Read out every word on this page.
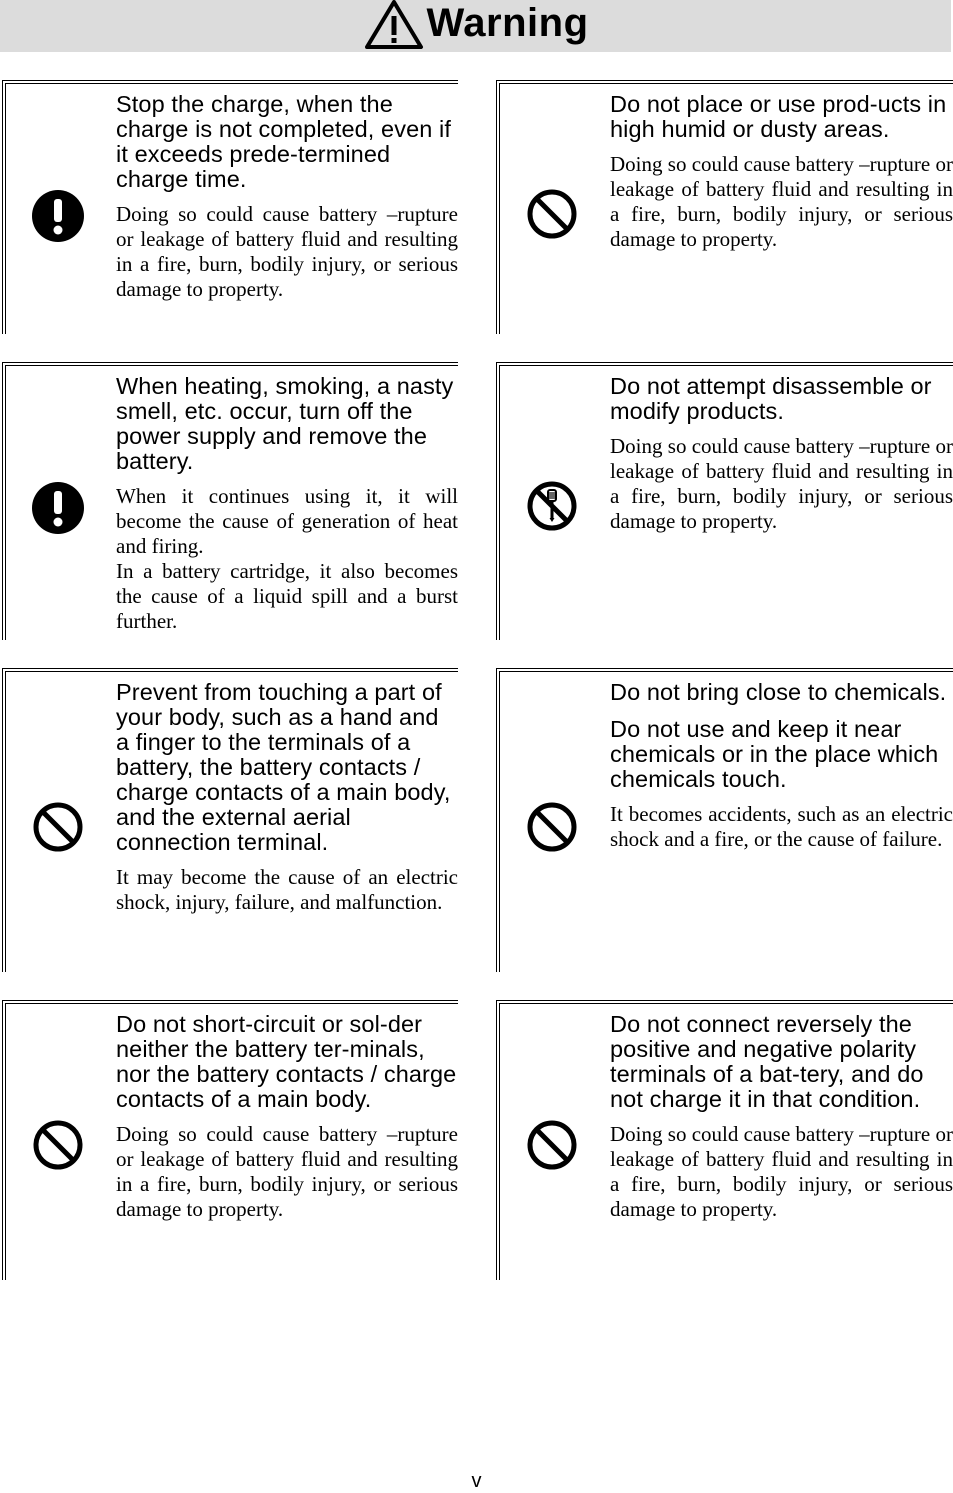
Warning
Stop the charge, when the charge is not completed, even if it exceeds prede-termined charge time.

Doing so could cause battery –rupture or leakage of battery fluid and resulting in a fire, burn, bodily injury, or serious damage to property.

Do not place or use prod-ucts in high humid or dusty areas.

Doing so could cause battery –rupture or leakage of battery fluid and resulting in a fire, burn, bodily injury, or serious damage to property.

When heating, smoking, a nasty smell, etc. occur, turn off the power supply and remove the battery.

When it continues using it, it will become the cause of generation of heat and firing.

In a battery cartridge, it also becomes the cause of a liquid spill and a burst further.

Do not attempt disassemble or modify products.

Doing so could cause battery –rupture or leakage of battery fluid and resulting in a fire, burn, bodily injury, or serious damage to property.

Prevent from touching a part of your body, such as a hand and a finger to the terminals of a battery, the battery contacts / charge contacts of a main body, and the external aerial connection terminal.

It may become the cause of an electric shock, injury, failure, and malfunction.

Do not bring close to chemicals.
Do not use and keep it near chemicals or in the place which chemicals touch.

It becomes accidents, such as an electric shock and a fire, or the cause of failure.

Do not short-circuit or sol-der neither the battery ter-minals, nor the battery contacts / charge contacts of a main body.

Doing so could cause battery –rupture or leakage of battery fluid and resulting in a fire, burn, bodily injury, or serious damage to property.

Do not connect reversely the positive and negative polarity terminals of a bat-tery, and do not charge it in that condition.

Doing so could cause battery –rupture or leakage of battery fluid and resulting in a fire, burn, bodily injury, or serious damage to property.

v
